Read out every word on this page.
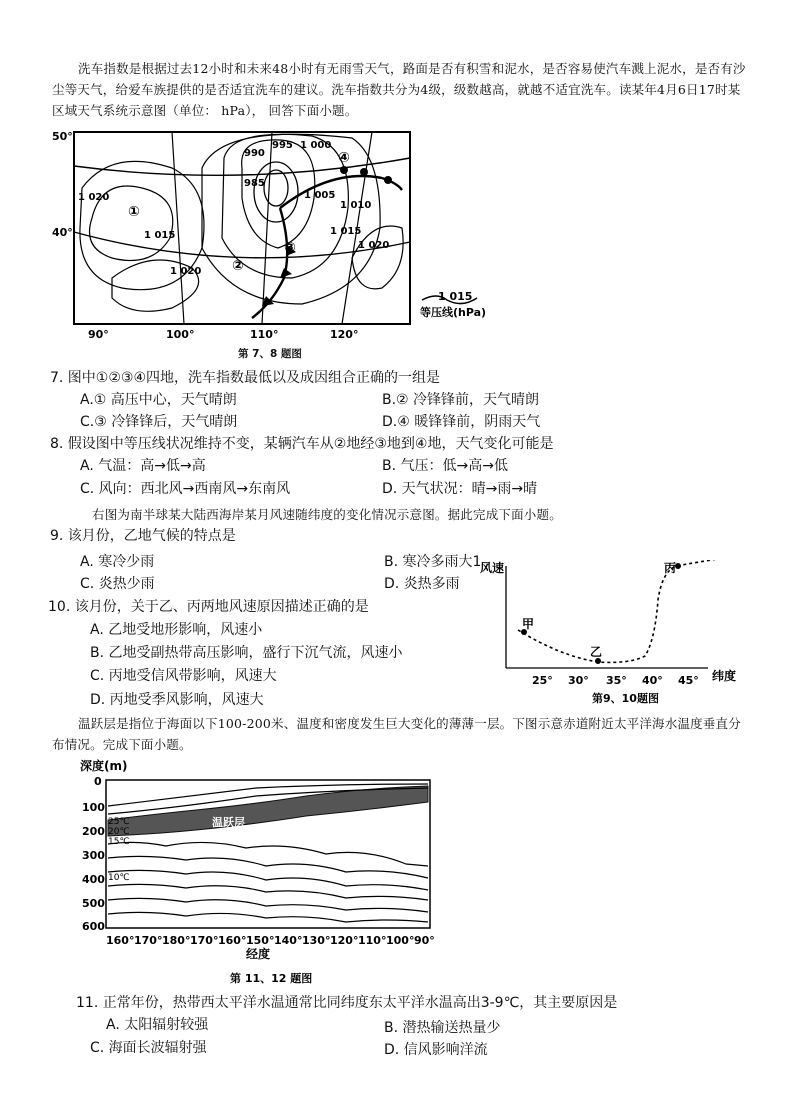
洗车指数是根据过去12小时和未来48小时有无雨雪天气，路面是否有积雪和泥水，是否容易使汽车溅上泥水，是否有沙尘等天气，给爱车族提供的是否适宜洗车的建议。洗车指数共分为4级，级数越高，就越不适宜洗车。读某年4月6日17时某区域天气系统示意图（单位： hPa）， 回答下面小题。
1 015
等压线(hPa)
50°
40°
90°	100°	110°	120°
990
995 1 000
985
1 005
1 010
1 015
1 020
1 020
1 015
1 020
①
②
③
④
第 7、8 题图
7. 图中①②③④四地，洗车指数最低以及成因组合正确的一组是
A.① 高压中心，天气晴朗	B.② 冷锋锋前，天气晴朗
C.③ 冷锋锋后，天气晴朗	D.④ 暖锋锋前，阴雨天气
8. 假设图中等压线状况维持不变，某辆汽车从②地经③地到④地，天气变化可能是
A. 气温：高→低→高	B. 气压：低→高→低
C. 风向：西北风→西南风→东南风	D. 天气状况：晴→雨→晴
右图为南半球某大陆西海岸某月风速随纬度的变化情况示意图。据此完成下面小题。
9. 该月份，乙地气候的特点是
A. 寒冷少雨	B. 寒冷多雨大1
C. 炎热少雨	D. 炎热多雨
10. 该月份，关于乙、丙两地风速原因描述正确的是
A. 乙地受地形影响，风速小
B. 乙地受副热带高压影响，盛行下沉气流，风速小
C. 丙地受信风带影响，风速大
D. 丙地受季风影响，风速大
风速
纬度
甲
乙
丙
25° 30° 35° 40° 45°
第9、10题图
温跃层是指位于海面以下100-200米、温度和密度发生巨大变化的薄薄一层。下图示意赤道附近太平洋海水温度垂直分布情况。完成下面小题。
深度(m)
温跃层
25℃
20℃
15℃
10℃
0
100
200
300
400
500
600
160° 170° 180° 170° 160° 150° 140° 130° 120° 110° 100° 90°
经度
第 11、12 题图
11. 正常年份，热带西太平洋水温通常比同纬度东太平洋水温高出3-9℃，其主要原因是
A. 太阳辐射较强	B. 潜热输送热量少
C. 海面长波辐射强	D. 信风影响洋流
